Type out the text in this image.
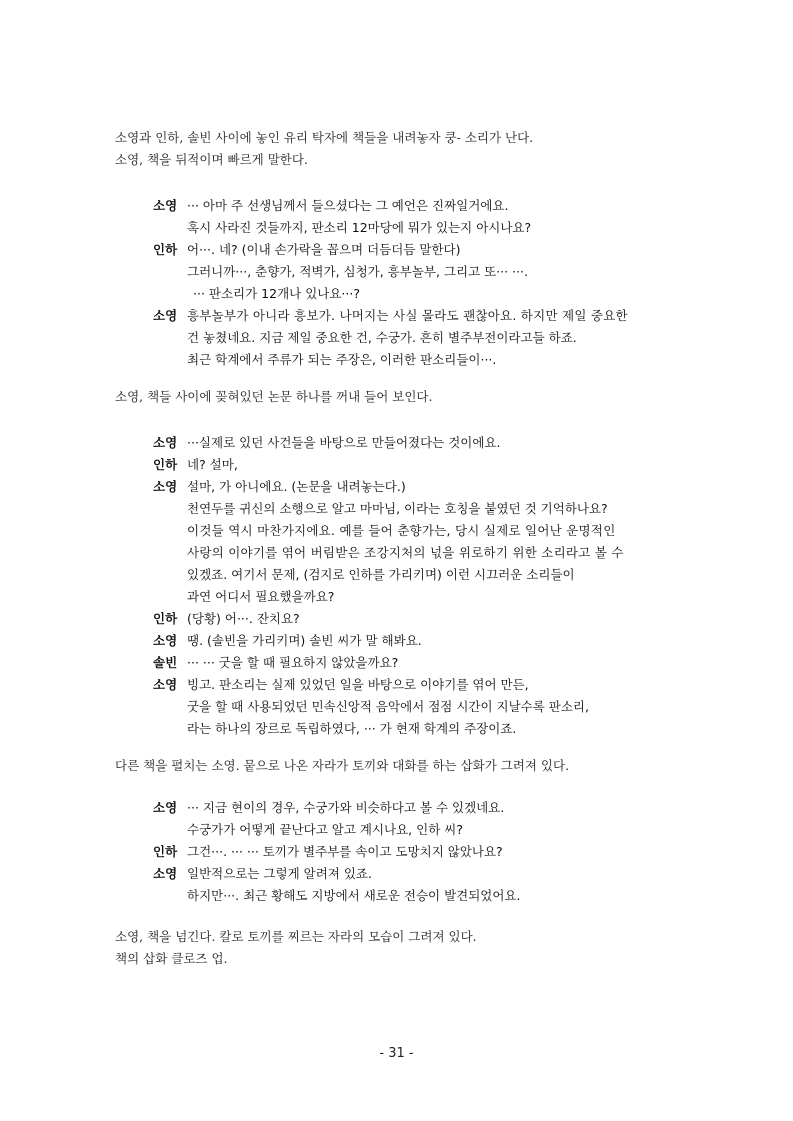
소영과 인하, 솔빈 사이에 놓인 유리 탁자에 책들을 내려놓자 쿵- 소리가 난다.
소영, 책을 뒤적이며 빠르게 말한다.
소영 ··· 아마 주 선생님께서 들으셨다는 그 예언은 진짜일거에요.
혹시 사라진 것들까지, 판소리 12마당에 뭐가 있는지 아시나요?
인하 어···. 네? (이내 손가락을 꼽으며 더듬더듬 말한다)
그러니까···, 춘향가, 적벽가, 심청가, 흥부놀부, 그리고 또··· ···.
··· 판소리가 12개나 있나요···?
소영 흥부놀부가 아니라 흥보가. 나머지는 사실 몰라도 괜찮아요. 하지만 제일 중요한
건 놓쳤네요. 지금 제일 중요한 건, 수궁가. 흔히 별주부전이라고들 하죠.
최근 학계에서 주류가 되는 주장은, 이러한 판소리들이···.
소영, 책들 사이에 꽂혀있던 논문 하나를 꺼내 들어 보인다.
소영 ···실제로 있던 사건들을 바탕으로 만들어졌다는 것이에요.
인하 네? 설마,
소영 설마, 가 아니에요. (논문을 내려놓는다.)
천연두를 귀신의 소행으로 알고 마마님, 이라는 호칭을 붙였던 것 기억하나요?
이것들 역시 마찬가지에요. 예를 들어 춘향가는, 당시 실제로 일어난 운명적인
사랑의 이야기를 엮어 버림받은 조강지처의 넋을 위로하기 위한 소리라고 볼 수
있겠죠. 여기서 문제, (검지로 인하를 가리키며) 이런 시끄러운 소리들이
과연 어디서 필요했을까요?
인하 (당황) 어···. 잔치요?
소영 땡. (솔빈을 가리키며) 솔빈 씨가 말 해봐요.
솔빈 ··· ··· 굿을 할 때 필요하지 않았을까요?
소영 빙고. 판소리는 실제 있었던 일을 바탕으로 이야기를 엮어 만든,
굿을 할 때 사용되었던 민속신앙적 음악에서 점점 시간이 지날수록 판소리,
라는 하나의 장르로 독립하였다, ··· 가 현재 학계의 주장이죠.
다른 책을 펼치는 소영. 뭍으로 나온 자라가 토끼와 대화를 하는 삽화가 그려져 있다.
소영 ··· 지금 현이의 경우, 수궁가와 비슷하다고 볼 수 있겠네요.
수궁가가 어떻게 끝난다고 알고 계시나요, 인하 씨?
인하 그건···. ··· ··· 토끼가 별주부를 속이고 도망치지 않았나요?
소영 일반적으로는 그렇게 알려져 있죠.
하지만···. 최근 황해도 지방에서 새로운 전승이 발견되었어요.
소영, 책을 넘긴다. 칼로 토끼를 찌르는 자라의 모습이 그려져 있다.
책의 삽화 클로즈 업.
- 31 -
